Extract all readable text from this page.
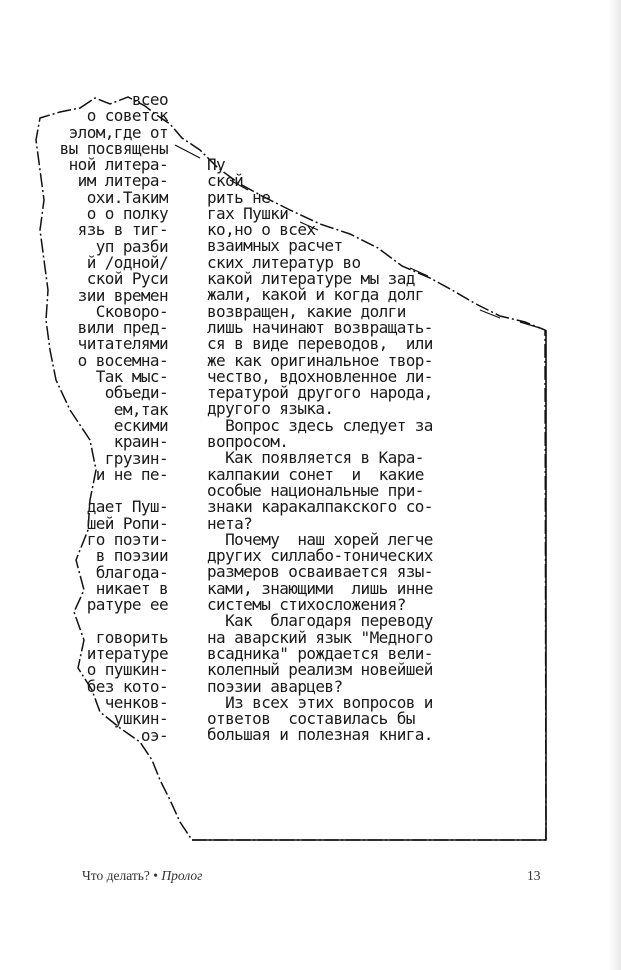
всео
о советск
элом,где от
вы посвящены
ной литера-
им литера-
охи.Таким
о о полку
язь в тиг-
уп разби
й /одной/
ской Руси
зии времен
Сковоро-
вили пред-
читателями
о восемна-
Так мыс-
объеди-
ем,так
ескими
краин-
грузин-
и не пе-
дает Пуш-
шей Ропи-
го поэти-
в поэзии
благода-
никает в
ратуре ее
говорить
итературе
о пушкин-
без кото-
ченков-
ушкин-
оэ-
Пу
ской
рить не
гах Пушки
ко,но о всех
взаимных расчет
ских литератур во
какой литературе мы зад
жали, какой и когда долг
возвращен, какие долги
лишь начинают возвращать-
ся в виде переводов,  или
же как оригинальное твор-
чество, вдохновленное ли-
тературой другого народа,
другого языка.
Вопрос здесь следует за
вопросом.
Как появляется в Кара-
калпакии сонет  и  какие
особые национальные при-
знаки каракалпакского со-
нета?
Почему  наш хорей легче
других силлабо-тонических
размеров осваивается язы-
ками, знающими  лишь инне
системы стихосложения?
Как  благодаря переводу
на аварский язык "Медного
всадника" рождается вели-
колепный реализм новейшей
поэзии аварцев?
Из всех этих вопросов и
ответов  составилась бы
большая и полезная книга.
Что делать? • Пролог	13
